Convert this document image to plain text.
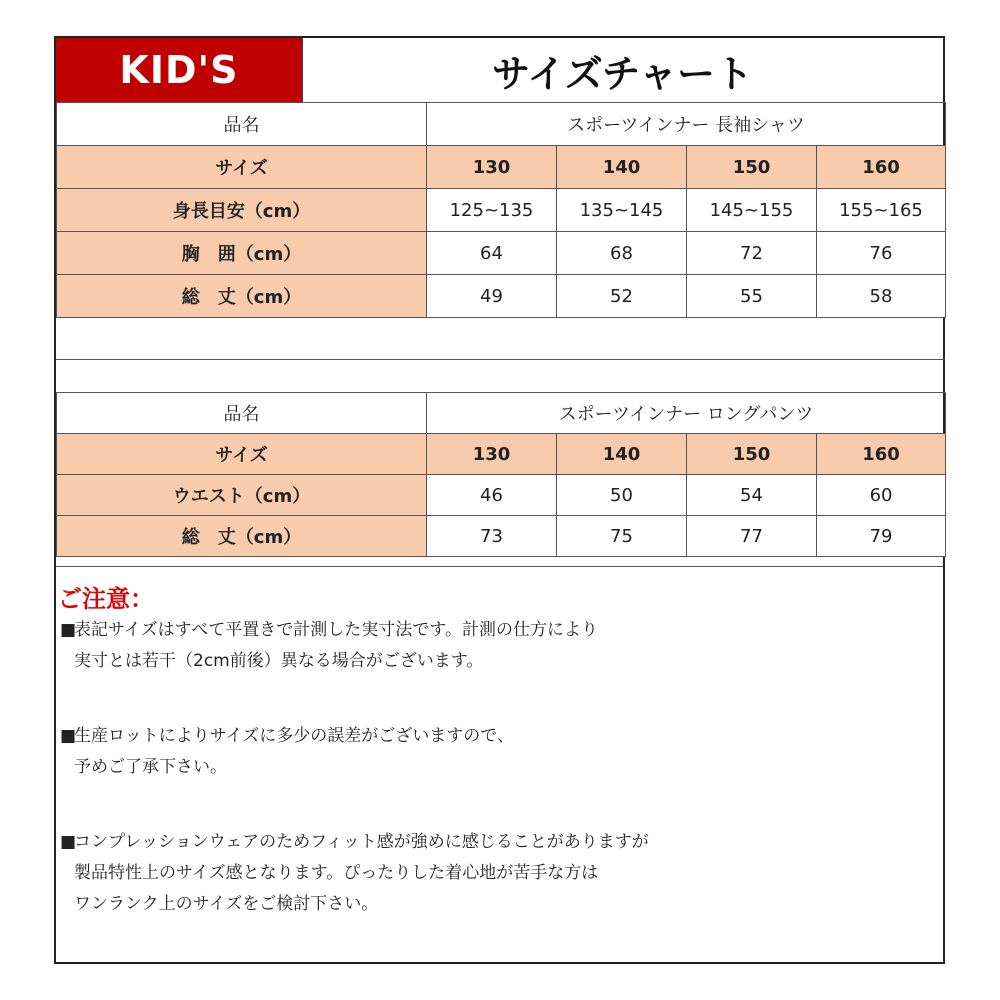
KID'S	サイズチャート
品名	スポーツインナー 長袖シャツ			
サイズ	130	140	150	160
身長目安（cm）	125~135	135~145	145~155	155~165
胸　囲（cm）	64	68	72	76
総　丈（cm）	49	52	55	58
品名	スポーツインナー ロングパンツ			
サイズ	130	140	150	160
ウエスト（cm）	46	50	54	60
総　丈（cm）	73	75	77	79
ご注意：
■表記サイズはすべて平置きで計測した実寸法です。計測の仕方により
実寸とは若干（2cm前後）異なる場合がございます。
■生産ロットによりサイズに多少の誤差がございますので、
予めご了承下さい。
■コンプレッションウェアのためフィット感が強めに感じることがありますが
製品特性上のサイズ感となります。ぴったりした着心地が苦手な方は
ワンランク上のサイズをご検討下さい。
